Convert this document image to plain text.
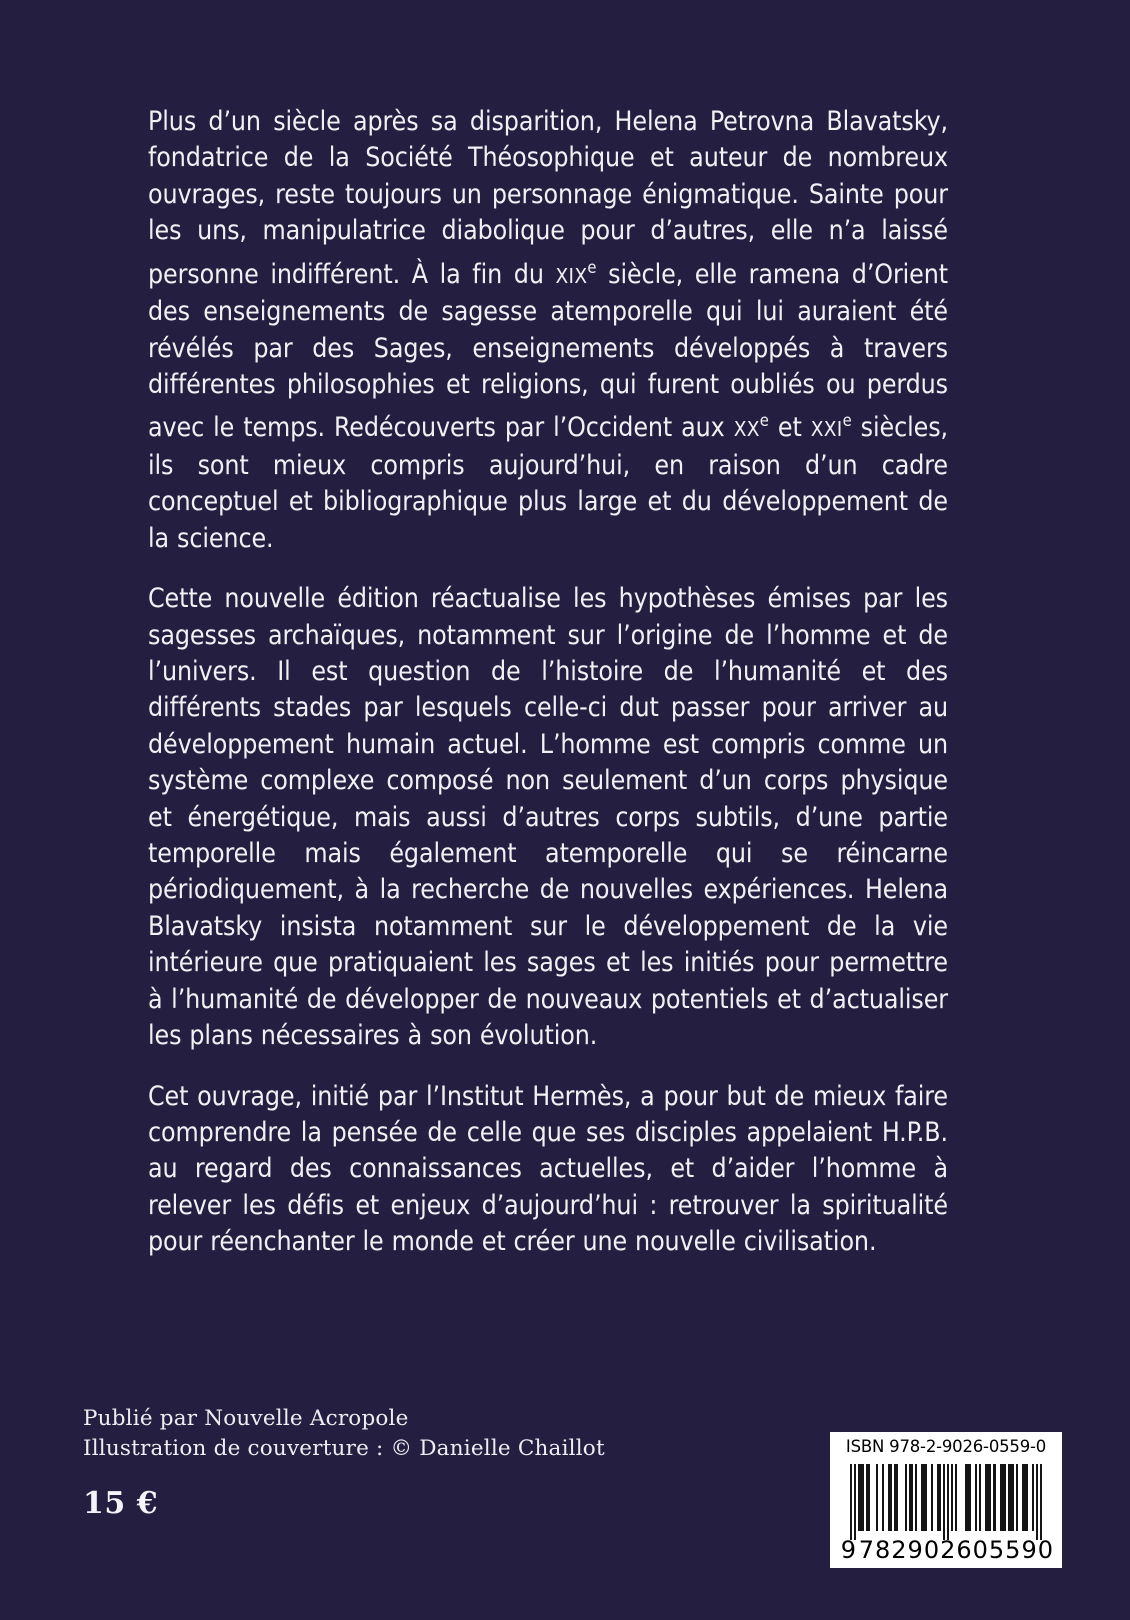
Plus d’un siècle après sa disparition, Helena Petrovna Blavatsky, fondatrice de la Société Théosophique et auteur de nombreux ouvrages, reste toujours un personnage énigmatique. Sainte pour les uns, manipulatrice diabolique pour d’autres, elle n’a laissé personne indifférent. À la fin du XIXe siècle, elle ramena d’Orient des enseignements de sagesse atemporelle qui lui auraient été révélés par des Sages, enseignements développés à travers différentes philosophies et religions, qui furent oubliés ou perdus avec le temps. Redécouverts par l’Occident aux XXe et XXIe siècles, ils sont mieux compris aujourd’hui, en raison d’un cadre conceptuel et bibliographique plus large et du développement de la science.

Cette nouvelle édition réactualise les hypothèses émises par les sagesses archaïques, notamment sur l’origine de l’homme et de l’univers. Il est question de l’histoire de l’humanité et des différents stades par lesquels celle-ci dut passer pour arriver au développement humain actuel. L’homme est compris comme un système complexe composé non seulement d’un corps physique et énergétique, mais aussi d’autres corps subtils, d’une partie temporelle mais également atemporelle qui se réincarne périodiquement, à la recherche de nouvelles expériences. Helena Blavatsky insista notamment sur le développement de la vie intérieure que pratiquaient les sages et les initiés pour permettre à l’humanité de développer de nouveaux potentiels et d’actualiser les plans nécessaires à son évolution.

Cet ouvrage, initié par l’Institut Hermès, a pour but de mieux faire comprendre la pensée de celle que ses disciples appelaient H.P.B. au regard des connaissances actuelles, et d’aider l’homme à relever les défis et enjeux d’aujourd’hui : retrouver la spiritualité pour réenchanter le monde et créer une nouvelle civilisation.

Publié par Nouvelle Acropole
Illustration de couverture : © Danielle Chaillot
15 €
ISBN 978-2-9026-0559-0
9 782902 605590
